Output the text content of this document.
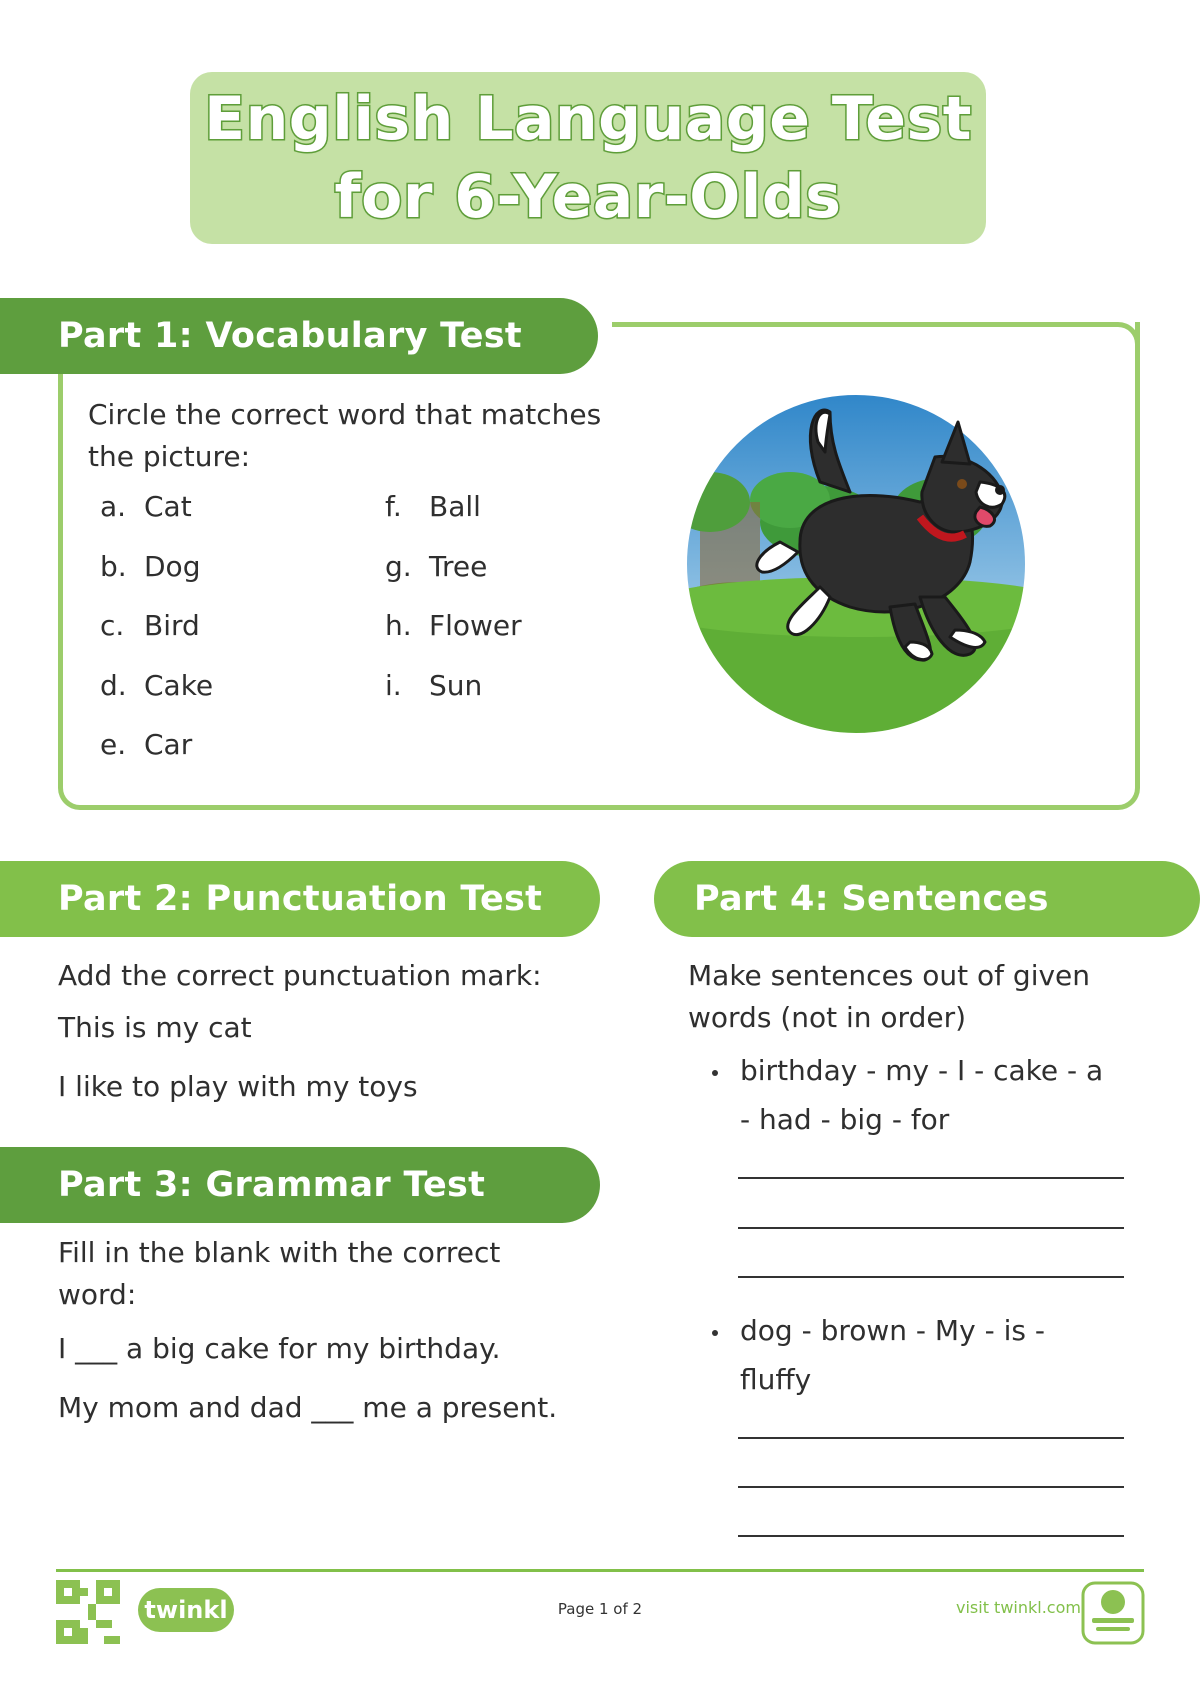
English Language Test
for 6-Year-Olds
Part 1: Vocabulary Test
Circle the correct word that matches
the picture:
a. Cat
b. Dog
c. Bird
d. Cake
e. Car
f. Ball
g. Tree
h. Flower
i. Sun
Part 2: Punctuation Test
Add the correct punctuation mark:
This is my cat
I like to play with my toys
Part 3: Grammar Test
Fill in the blank with the correct
word:
I ___ a big cake for my birthday.
My mom and dad ___ me a present.
Part 4: Sentences
Make sentences out of given
words (not in order)
birthday - my - I - cake - a
- had - big - for
dog - brown - My - is -
fluffy
twinkl	Page 1 of 2	visit twinkl.com
